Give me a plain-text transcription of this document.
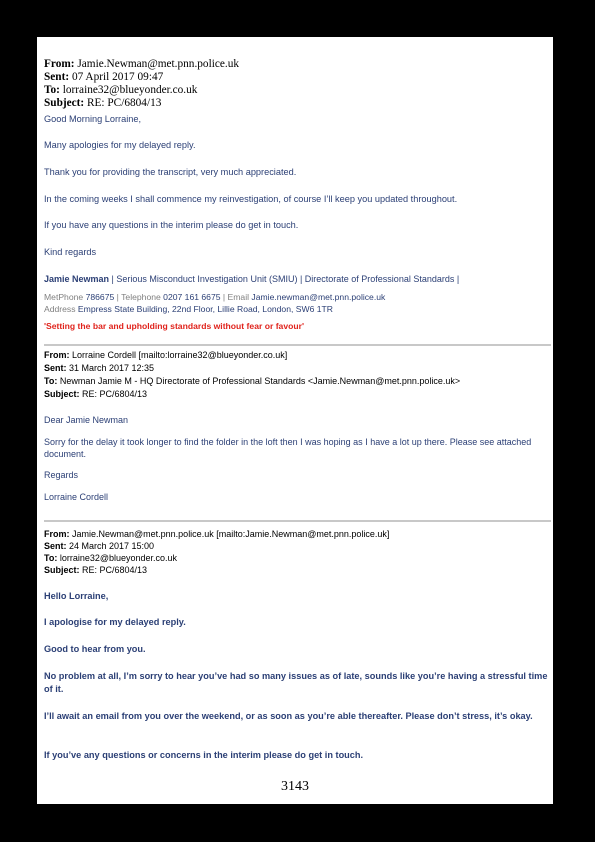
From: Jamie.Newman@met.pnn.police.uk
Sent: 07 April 2017 09:47
To: lorraine32@blueyonder.co.uk
Subject: RE: PC/6804/13
Good Morning Lorraine,
Many apologies for my delayed reply.
Thank you for providing the transcript, very much appreciated.
In the coming weeks I shall commence my reinvestigation, of course I’ll keep you updated throughout.
If you have any questions in the interim please do get in touch.
Kind regards
Jamie Newman | Serious Misconduct Investigation Unit (SMIU) | Directorate of Professional Standards |
MetPhone 786675 | Telephone 0207 161 6675 | Email Jamie.newman@met.pnn.police.uk
Address Empress State Building, 22nd Floor, Lillie Road, London, SW6 1TR
'Setting the bar and upholding standards without fear or favour'
From: Lorraine Cordell [mailto:lorraine32@blueyonder.co.uk]
Sent: 31 March 2017 12:35
To: Newman Jamie M - HQ Directorate of Professional Standards <Jamie.Newman@met.pnn.police.uk>
Subject: RE: PC/6804/13
Dear Jamie Newman
Sorry for the delay it took longer to find the folder in the loft then I was hoping as I have a lot up there. Please see attached document.
Regards
Lorraine Cordell
From: Jamie.Newman@met.pnn.police.uk [mailto:Jamie.Newman@met.pnn.police.uk]
Sent: 24 March 2017 15:00
To: lorraine32@blueyonder.co.uk
Subject: RE: PC/6804/13
Hello Lorraine,
I apologise for my delayed reply.
Good to hear from you.
No problem at all, I’m sorry to hear you’ve had so many issues as of late, sounds like you’re having a stressful time of it.
I’ll await an email from you over the weekend, or as soon as you’re able thereafter. Please don’t stress, it’s okay.
If you’ve any questions or concerns in the interim please do get in touch.
3143
